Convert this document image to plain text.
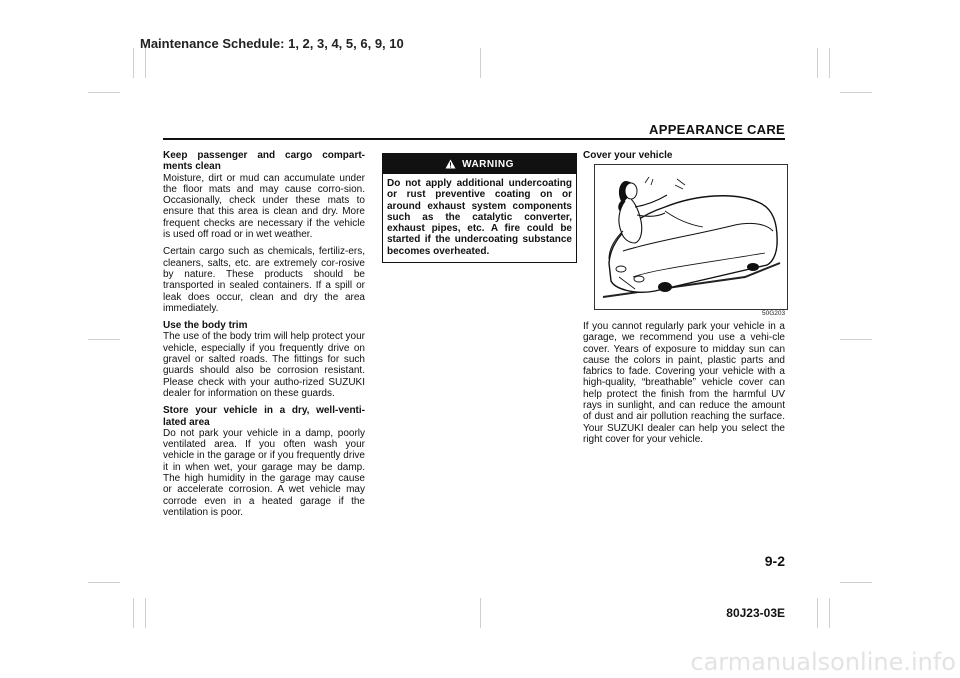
Maintenance Schedule: 1, 2, 3, 4, 5, 6, 9, 10
APPEARANCE CARE

Keep passenger and cargo compart-ments clean
Moisture, dirt or mud can accumulate under the floor mats and may cause corro-sion. Occasionally, check under these mats to ensure that this area is clean and dry. More frequent checks are necessary if the vehicle is used off road or in wet weather.

Certain cargo such as chemicals, fertiliz-ers, cleaners, salts, etc. are extremely cor-rosive by nature. These products should be transported in sealed containers. If a spill or leak does occur, clean and dry the area immediately.

Use the body trim
The use of the body trim will help protect your vehicle, especially if you frequently drive on gravel or salted roads. The fittings for such guards should also be corrosion resistant. Please check with your autho-rized SUZUKI dealer for information on these guards.

Store your vehicle in a dry, well-venti-lated area
Do not park your vehicle in a damp, poorly ventilated area. If you often wash your vehicle in the garage or if you frequently drive it in when wet, your garage may be damp. The high humidity in the garage may cause or accelerate corrosion. A wet vehicle may corrode even in a heated garage if the ventilation is poor.

WARNING
Do not apply additional undercoating or rust preventive coating on or around exhaust system components such as the catalytic converter, exhaust pipes, etc. A fire could be started if the undercoating substance becomes overheated.
Cover your vehicle
50G203

If you cannot regularly park your vehicle in a garage, we recommend you use a vehi-cle cover. Years of exposure to midday sun can cause the colors in paint, plastic parts and fabrics to fade. Covering your vehicle with a high-quality, “breathable” vehicle cover can help protect the finish from the harmful UV rays in sunlight, and can reduce the amount of dust and air pollution reaching the surface. Your SUZUKI dealer can help you select the right cover for your vehicle.

9-2
80J23-03E
carmanualsonline.info
